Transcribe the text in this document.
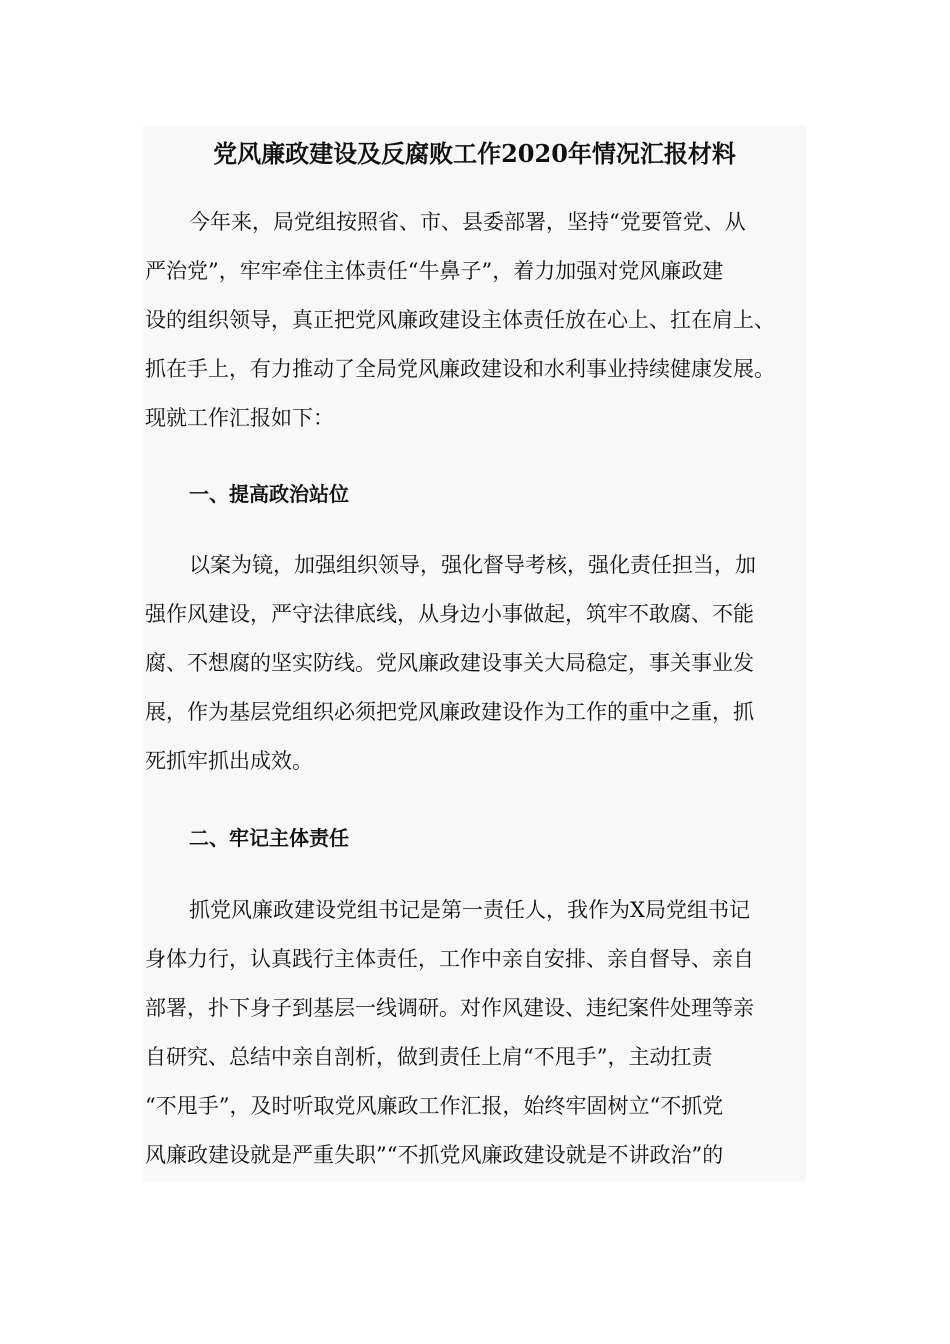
党风廉政建设及反腐败工作2020年情况汇报材料
今年来，局党组按照省、市、县委部署，坚持“党要管党、从
严治党”，牢牢牵住主体责任“牛鼻子”，着力加强对党风廉政建
设的组织领导，真正把党风廉政建设主体责任放在心上、扛在肩上、
抓在手上，有力推动了全局党风廉政建设和水利事业持续健康发展。
现就工作汇报如下：
一、提高政治站位
以案为镜，加强组织领导，强化督导考核，强化责任担当，加
强作风建设，严守法律底线，从身边小事做起，筑牢不敢腐、不能
腐、不想腐的坚实防线。党风廉政建设事关大局稳定，事关事业发
展，作为基层党组织必须把党风廉政建设作为工作的重中之重，抓
死抓牢抓出成效。
二、牢记主体责任
抓党风廉政建设党组书记是第一责任人，我作为X局党组书记
身体力行，认真践行主体责任，工作中亲自安排、亲自督导、亲自
部署，扑下身子到基层一线调研。对作风建设、违纪案件处理等亲
自研究、总结中亲自剖析，做到责任上肩“不甩手”，主动扛责
“不甩手”，及时听取党风廉政工作汇报，始终牢固树立“不抓党
风廉政建设就是严重失职”“不抓党风廉政建设就是不讲政治”的
